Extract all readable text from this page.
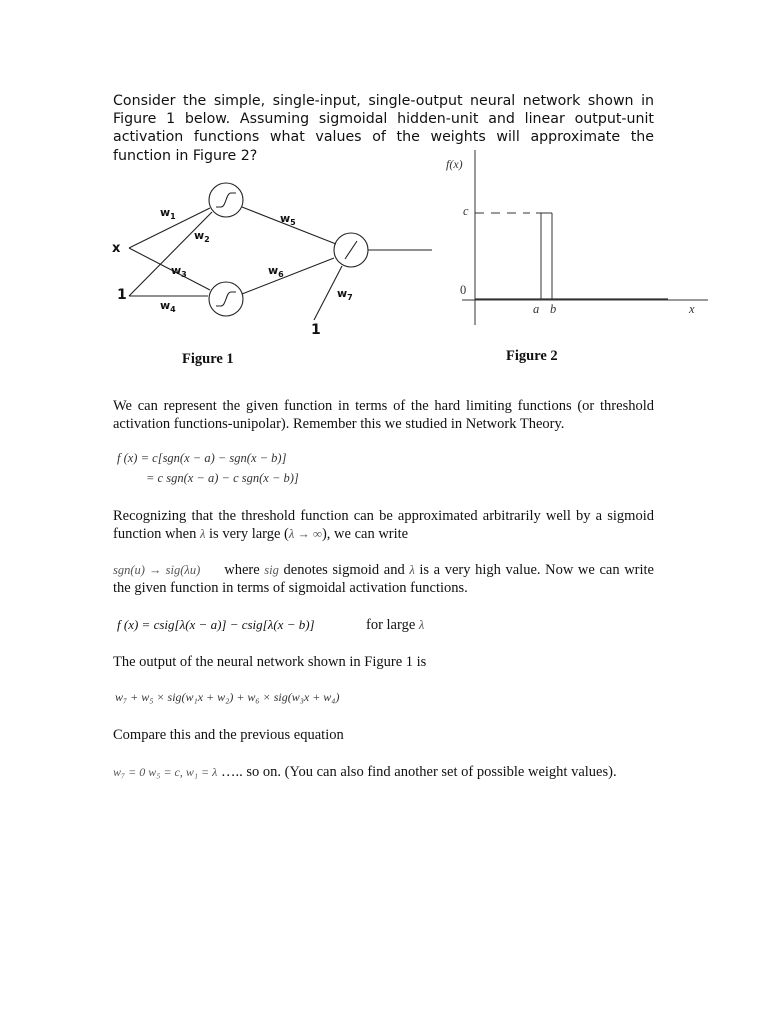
Consider the simple, single-input, single-output neural network shown in Figure 1 below. Assuming sigmoidal hidden-unit and linear output-unit activation functions what values of the weights will approximate the function in Figure 2?
x
1
1
$w_1$
$w_2$
$w_3$
$w_4$
$w_5$
$w_6$
$w_7$
Figure 1
f(x)
c
0
a b	x
Figure 2
We can represent the given function in terms of the hard limiting functions (or threshold activation functions-unipolar). Remember this we studied in Network Theory.
f (x) = c[sgn(x − a) − sgn(x − b)]
= c sgn(x − a) − c sgn(x − b)]
Recognizing that the threshold function can be approximated arbitrarily well by a sigmoid function when λ is very large (λ → ∞), we can write
sgn(u) → sig(λu) where sig denotes sigmoid and λ is a very high value. Now we can write the given function in terms of sigmoidal activation functions.
f (x) = csig[λ(x − a)] − csig[λ(x − b)]	for large λ
The output of the neural network shown in Figure 1 is
w₇ + w₅ × sig(w₁x + w₂) + w₆ × sig(w₃x + w₄)
Compare this and the previous equation
w₇ = 0 w₅ = c, w₁ = λ ….. so on. (You can also find another set of possible weight values).
